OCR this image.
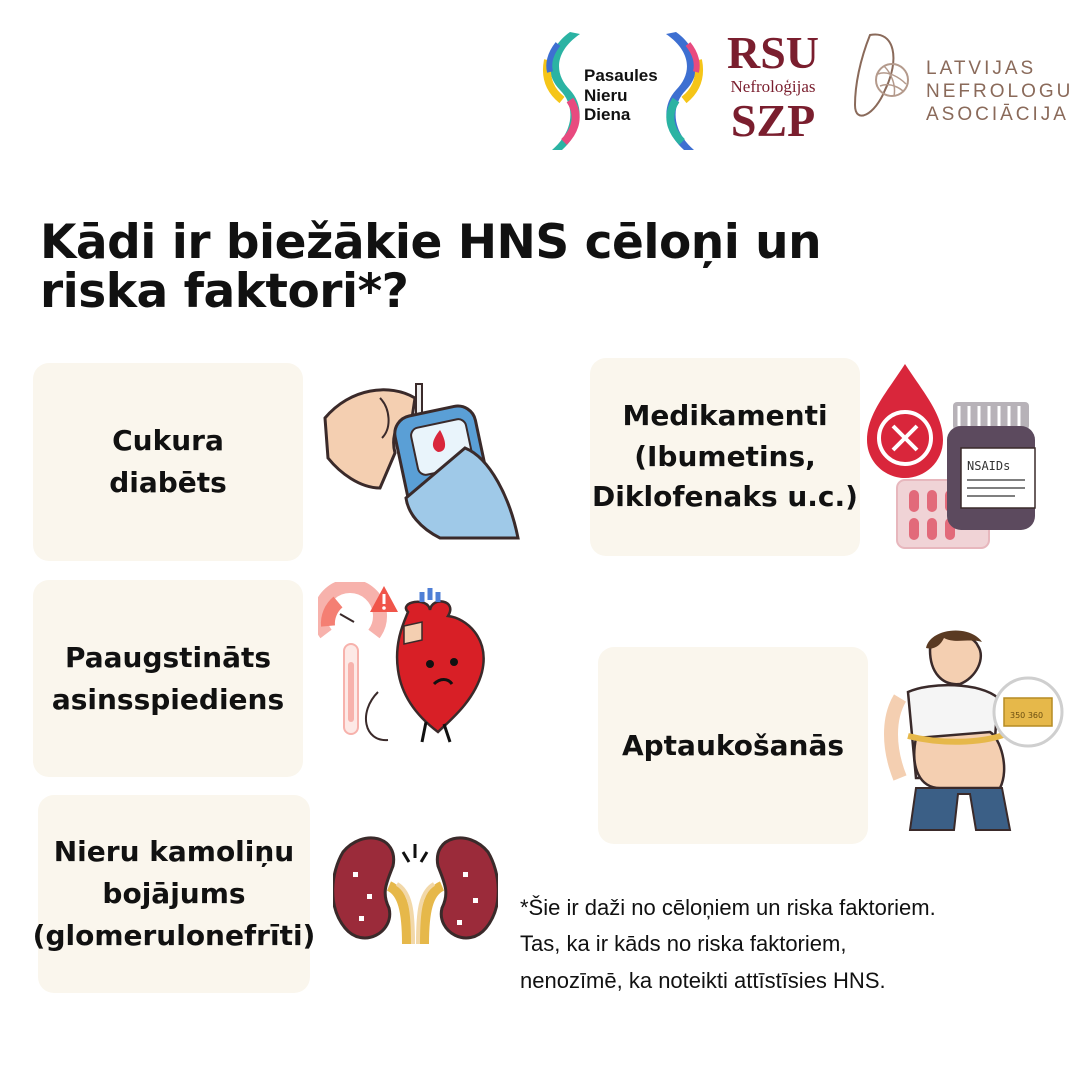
Pasaules
Nieru
Diena
RSU
Nefroloģijas
SZP
LATVIJAS
NEFROLOGU
ASOCIĀCIJA
Kādi ir biežākie HNS cēloņi un
riska faktori*?
Cukura
diabēts
Medikamenti
(Ibumetins,
Diklofenaks u.c.)
Paaugstināts
asinsspiediens
Aptaukošanās
Nieru kamoliņu
bojājums
(glomerulonefrīti)
NSAIDs
350 360
*Šie ir daži no cēloņiem un riska faktoriem.
Tas, ka ir kāds no riska faktoriem,
nenozīmē, ka noteikti attīstīsies HNS.
